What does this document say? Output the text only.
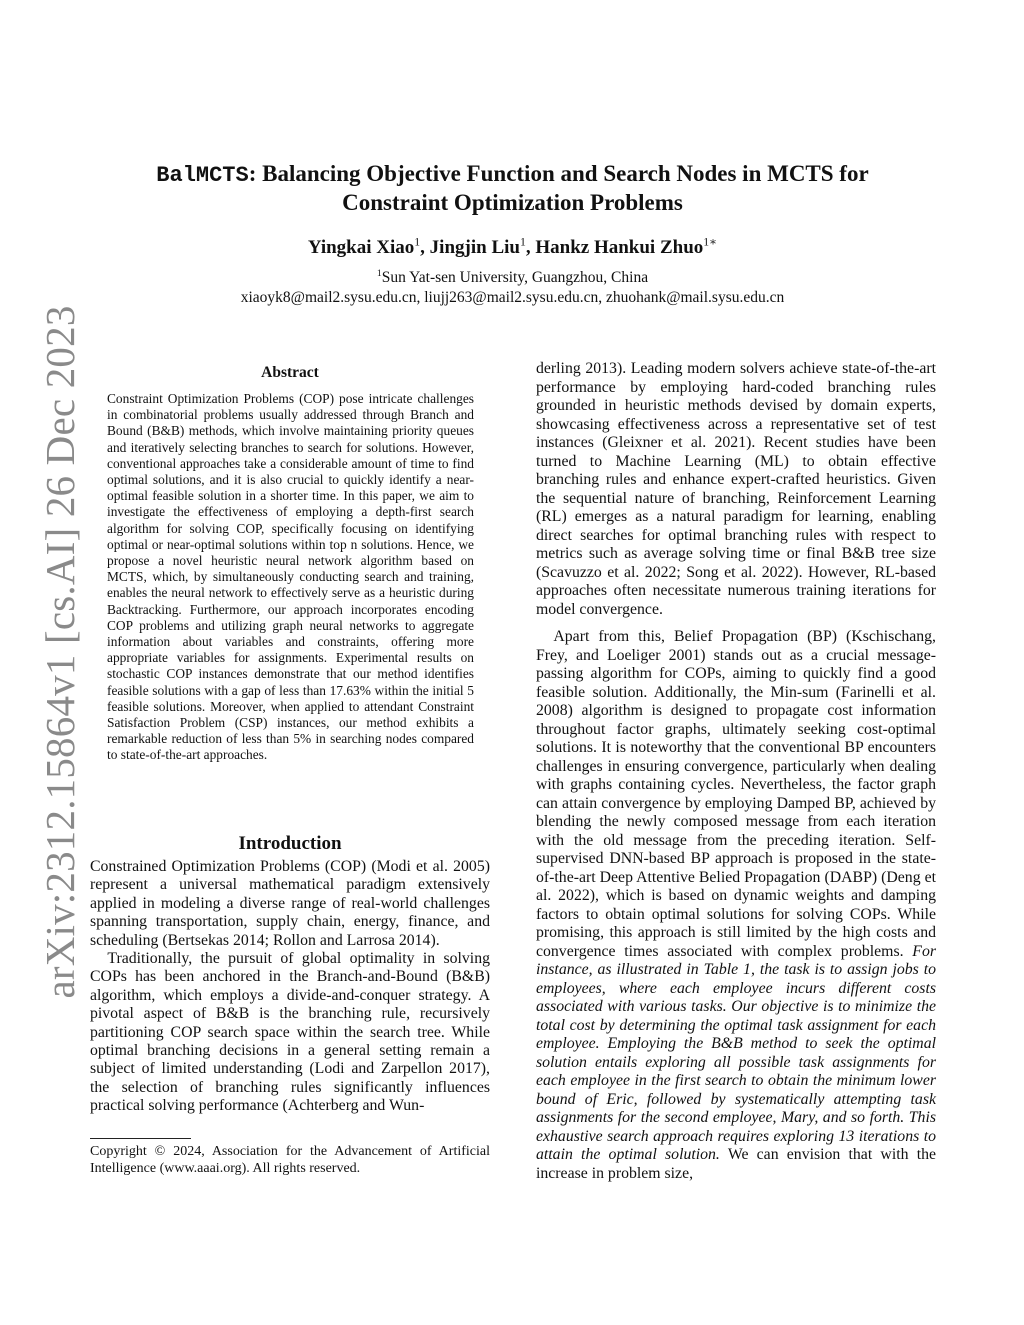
arXiv:2312.15864v1 [cs.AI] 26 Dec 2023
BalMCTS: Balancing Objective Function and Search Nodes in MCTS for
Constraint Optimization Problems
Yingkai Xiao$^1$, Jingjin Liu$^1$, Hankz Hankui Zhuo$^{1∗}$
$^1$Sun Yat-sen University, Guangzhou, China
xiaoyk8@mail2.sysu.edu.cn, liujj263@mail2.sysu.edu.cn, zhuohank@mail.sysu.edu.cn
Abstract
Constraint Optimization Problems (COP) pose intricate challenges in combinatorial problems usually addressed through Branch and Bound (B&B) methods, which involve maintaining priority queues and iteratively selecting branches to search for solutions. However, conventional approaches take a considerable amount of time to find optimal solutions, and it is also crucial to quickly identify a near-optimal feasible solution in a shorter time. In this paper, we aim to investigate the effectiveness of employing a depth-first search algorithm for solving COP, specifically focusing on identifying optimal or near-optimal solutions within top n solutions. Hence, we propose a novel heuristic neural network algorithm based on MCTS, which, by simultaneously conducting search and training, enables the neural network to effectively serve as a heuristic during Backtracking. Furthermore, our approach incorporates encoding COP problems and utilizing graph neural networks to aggregate information about variables and constraints, offering more appropriate variables for assignments. Experimental results on stochastic COP instances demonstrate that our method identifies feasible solutions with a gap of less than 17.63% within the initial 5 feasible solutions. Moreover, when applied to attendant Constraint Satisfaction Problem (CSP) instances, our method exhibits a remarkable reduction of less than 5% in searching nodes compared to state-of-the-art approaches.
Introduction

Constrained Optimization Problems (COP) (Modi et al. 2005) represent a universal mathematical paradigm extensively applied in modeling a diverse range of real-world challenges spanning transportation, supply chain, energy, finance, and scheduling (Bertsekas 2014; Rollon and Larrosa 2014).

Traditionally, the pursuit of global optimality in solving COPs has been anchored in the Branch-and-Bound (B&B) algorithm, which employs a divide-and-conquer strategy. A pivotal aspect of B&B is the branching rule, recursively partitioning COP search space within the search tree. While optimal branching decisions in a general setting remain a subject of limited understanding (Lodi and Zarpellon 2017), the selection of branching rules significantly influences practical solving performance (Achterberg and Wun-

Copyright © 2024, Association for the Advancement of Artificial Intelligence (www.aaai.org). All rights reserved.

derling 2013). Leading modern solvers achieve state-of-the-art performance by employing hard-coded branching rules grounded in heuristic methods devised by domain experts, showcasing effectiveness across a representative set of test instances (Gleixner et al. 2021). Recent studies have been turned to Machine Learning (ML) to obtain effective branching rules and enhance expert-crafted heuristics. Given the sequential nature of branching, Reinforcement Learning (RL) emerges as a natural paradigm for learning, enabling direct searches for optimal branching rules with respect to metrics such as average solving time or final B&B tree size (Scavuzzo et al. 2022; Song et al. 2022). However, RL-based approaches often necessitate numerous training iterations for model convergence.

Apart from this, Belief Propagation (BP) (Kschischang, Frey, and Loeliger 2001) stands out as a crucial message-passing algorithm for COPs, aiming to quickly find a good feasible solution. Additionally, the Min-sum (Farinelli et al. 2008) algorithm is designed to propagate cost information throughout factor graphs, ultimately seeking cost-optimal solutions. It is noteworthy that the conventional BP encounters challenges in ensuring convergence, particularly when dealing with graphs containing cycles. Nevertheless, the factor graph can attain convergence by employing Damped BP, achieved by blending the newly composed message from each iteration with the old message from the preceding iteration. Self-supervised DNN-based BP approach is proposed in the state-of-the-art Deep Attentive Belied Propagation (DABP) (Deng et al. 2022), which is based on dynamic weights and damping factors to obtain optimal solutions for solving COPs. While promising, this approach is still limited by the high costs and convergence times associated with complex problems. For instance, as illustrated in Table 1, the task is to assign jobs to employees, where each employee incurs different costs associated with various tasks. Our objective is to minimize the total cost by determining the optimal task assignment for each employee. Employing the B&B method to seek the optimal solution entails exploring all possible task assignments for each employee in the first search to obtain the minimum lower bound of Eric, followed by systematically attempting task assignments for the second employee, Mary, and so forth. This exhaustive search approach requires exploring 13 iterations to attain the optimal solution. We can envision that with the increase in problem size,
